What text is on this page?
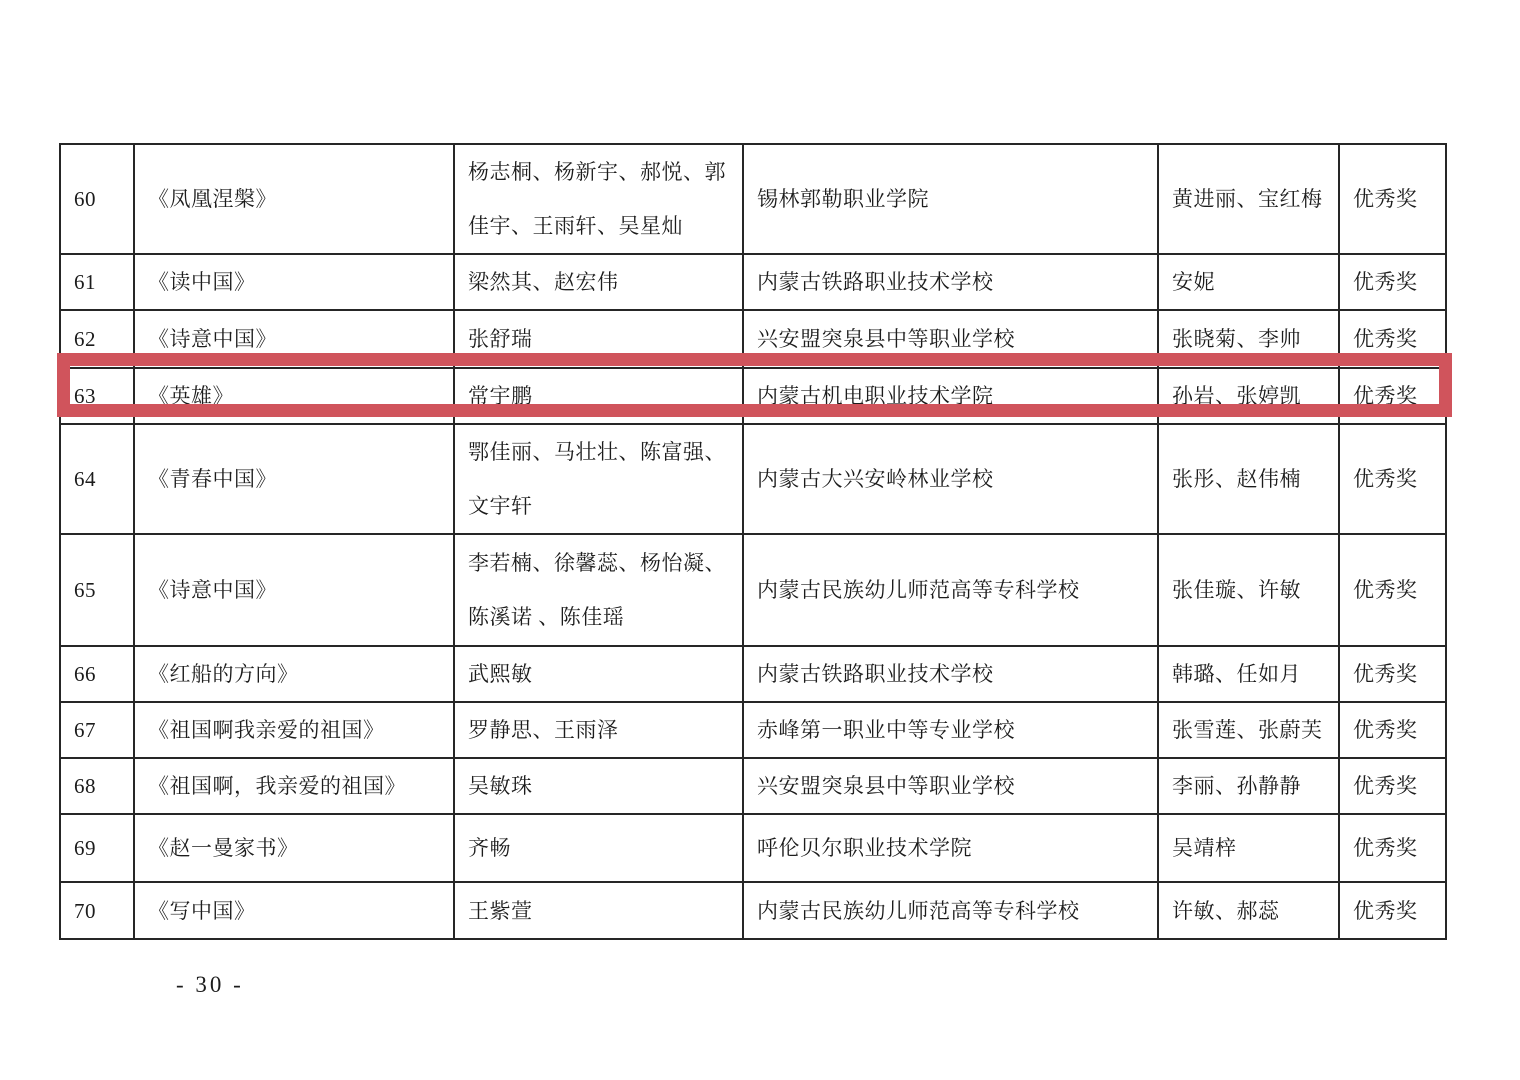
60	《凤凰涅槃》	杨志桐、杨新宇、郝悦、郭佳宇、王雨轩、吴星灿	锡林郭勒职业学院	黄进丽、宝红梅	优秀奖
61	《读中国》	梁然其、赵宏伟	内蒙古铁路职业技术学校	安妮	优秀奖
62	《诗意中国》	张舒瑞	兴安盟突泉县中等职业学校	张晓菊、李帅	优秀奖
63	《英雄》	常宇鹏	内蒙古机电职业技术学院	孙岩、张婷凯	优秀奖
64	《青春中国》	鄂佳丽、马壮壮、陈富强、文宇轩	内蒙古大兴安岭林业学校	张彤、赵伟楠	优秀奖
65	《诗意中国》	李若楠、徐馨蕊、杨怡凝、陈溪诺 、陈佳瑶	内蒙古民族幼儿师范高等专科学校	张佳璇、许敏	优秀奖
66	《红船的方向》	武熙敏	内蒙古铁路职业技术学校	韩璐、任如月	优秀奖
67	《祖国啊我亲爱的祖国》	罗静思、王雨泽	赤峰第一职业中等专业学校	张雪莲、张蔚芙	优秀奖
68	《祖国啊，我亲爱的祖国》	吴敏珠	兴安盟突泉县中等职业学校	李丽、孙静静	优秀奖
69	《赵一曼家书》	齐畅	呼伦贝尔职业技术学院	吴靖梓	优秀奖
70	《写中国》	王紫萱	内蒙古民族幼儿师范高等专科学校	许敏、郝蕊	优秀奖
- 30 -
